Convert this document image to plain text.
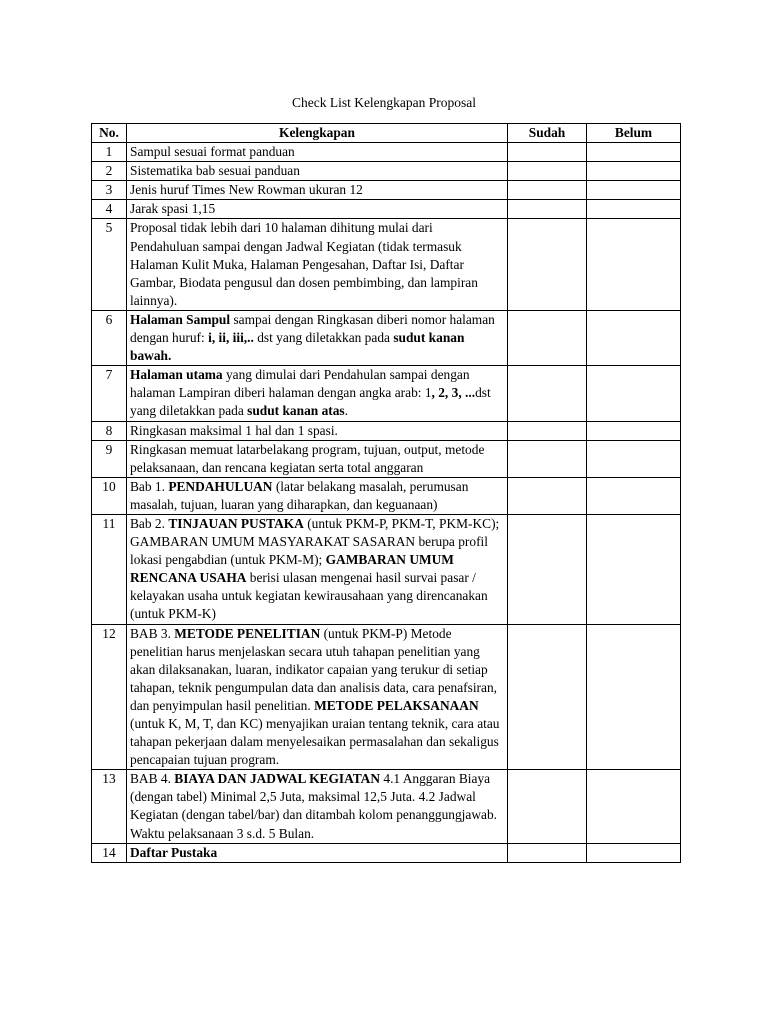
Check List Kelengkapan Proposal
No.	Kelengkapan	Sudah	Belum
1	Sampul sesuai format panduan		
2	Sistematika bab sesuai panduan		
3	Jenis huruf Times New Rowman ukuran 12		
4	Jarak spasi 1,15		
5	Proposal tidak lebih dari 10 halaman dihitung mulai dari Pendahuluan sampai dengan Jadwal Kegiatan (tidak termasuk Halaman Kulit Muka, Halaman Pengesahan, Daftar Isi, Daftar Gambar, Biodata pengusul dan dosen pembimbing, dan lampiran lainnya).		
6	Halaman Sampul sampai dengan Ringkasan diberi nomor halaman dengan huruf: i, ii, iii,.. dst yang diletakkan pada sudut kanan bawah.		
7	Halaman utama yang dimulai dari Pendahulan sampai dengan halaman Lampiran diberi halaman dengan angka arab: 1, 2, 3, ...dst yang diletakkan pada sudut kanan atas.		
8	Ringkasan maksimal 1 hal dan 1 spasi.		
9	Ringkasan memuat latarbelakang program, tujuan, output, metode pelaksanaan, dan rencana kegiatan serta total anggaran		
10	Bab 1. PENDAHULUAN (latar belakang masalah, perumusan masalah, tujuan, luaran yang diharapkan, dan keguanaan)		
11	Bab 2. TINJAUAN PUSTAKA (untuk PKM-P, PKM-T, PKM-KC); GAMBARAN UMUM MASYARAKAT SASARAN berupa profil lokasi pengabdian (untuk PKM-M); GAMBARAN UMUM RENCANA USAHA berisi ulasan mengenai hasil survai pasar / kelayakan usaha untuk kegiatan kewirausahaan yang direncanakan (untuk PKM-K)		
12	BAB 3. METODE PENELITIAN (untuk PKM-P) Metode penelitian harus menjelaskan secara utuh tahapan penelitian yang akan dilaksanakan, luaran, indikator capaian yang terukur di setiap tahapan, teknik pengumpulan data dan analisis data, cara penafsiran, dan penyimpulan hasil penelitian. METODE PELAKSANAAN (untuk K, M, T, dan KC) menyajikan uraian tentang teknik, cara atau tahapan pekerjaan dalam menyelesaikan permasalahan dan sekaligus pencapaian tujuan program.		
13	BAB 4. BIAYA DAN JADWAL KEGIATAN 4.1 Anggaran Biaya (dengan tabel) Minimal 2,5 Juta, maksimal 12,5 Juta. 4.2 Jadwal Kegiatan (dengan tabel/bar) dan ditambah kolom penanggungjawab. Waktu pelaksanaan 3 s.d. 5 Bulan.		
14	Daftar Pustaka		
